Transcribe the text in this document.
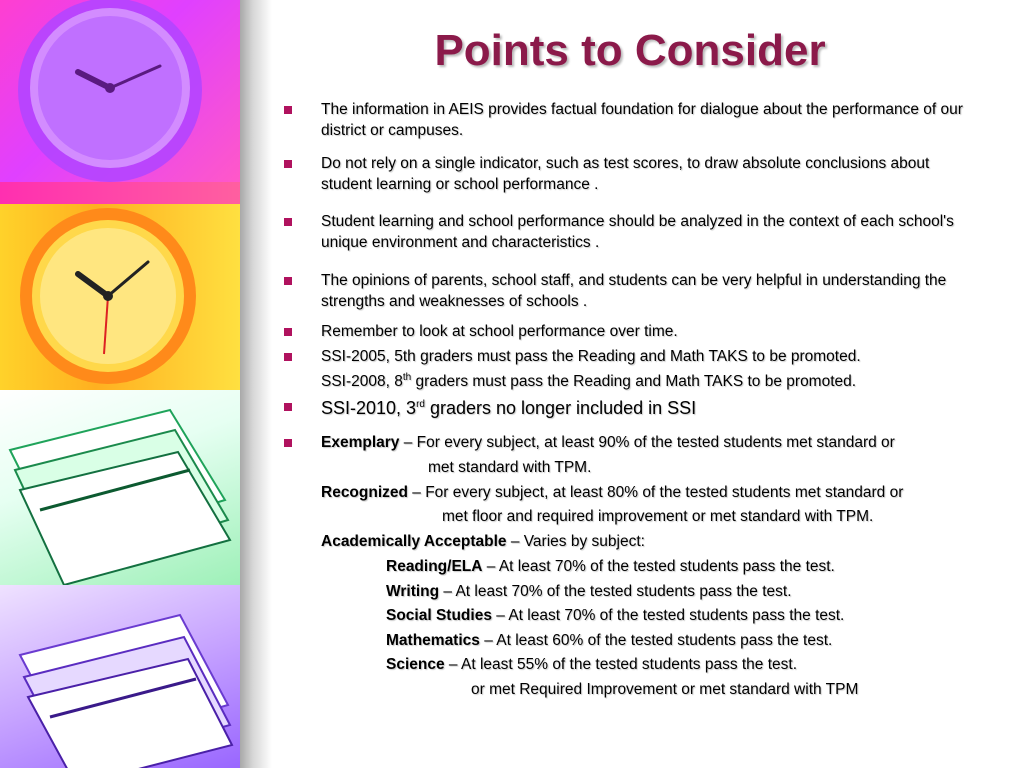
Points to Consider
The information in AEIS provides factual foundation for dialogue about the performance of our district or campuses.
Do not rely on a single indicator, such as test scores, to draw absolute conclusions about student learning or school performance .
Student learning and school performance should be analyzed in the context of each school's unique environment and characteristics .
The opinions of parents, school staff, and students can be very helpful in understanding the strengths and weaknesses of schools .
Remember to look at school performance over time.

SSI-2005, 5th graders must pass the Reading and Math TAKS to be promoted.

SSI-2008, 8th graders must pass the Reading and Math TAKS to be promoted.

SSI-2010, 3rd graders no longer included in SSI
Exemplary – For every subject, at least 90% of the tested students met standard or
met standard with TPM.
Recognized – For every subject, at least 80% of the tested students met standard or
met floor and required improvement or met standard with TPM.
Academically Acceptable – Varies by subject:
Reading/ELA – At least 70% of the tested students pass the test.
Writing – At least 70% of the tested students pass the test.
Social Studies – At least 70% of the tested students pass the test.
Mathematics – At least 60% of the tested students pass the test.
Science – At least 55% of the tested students pass the test.
or met Required Improvement or met standard with TPM
